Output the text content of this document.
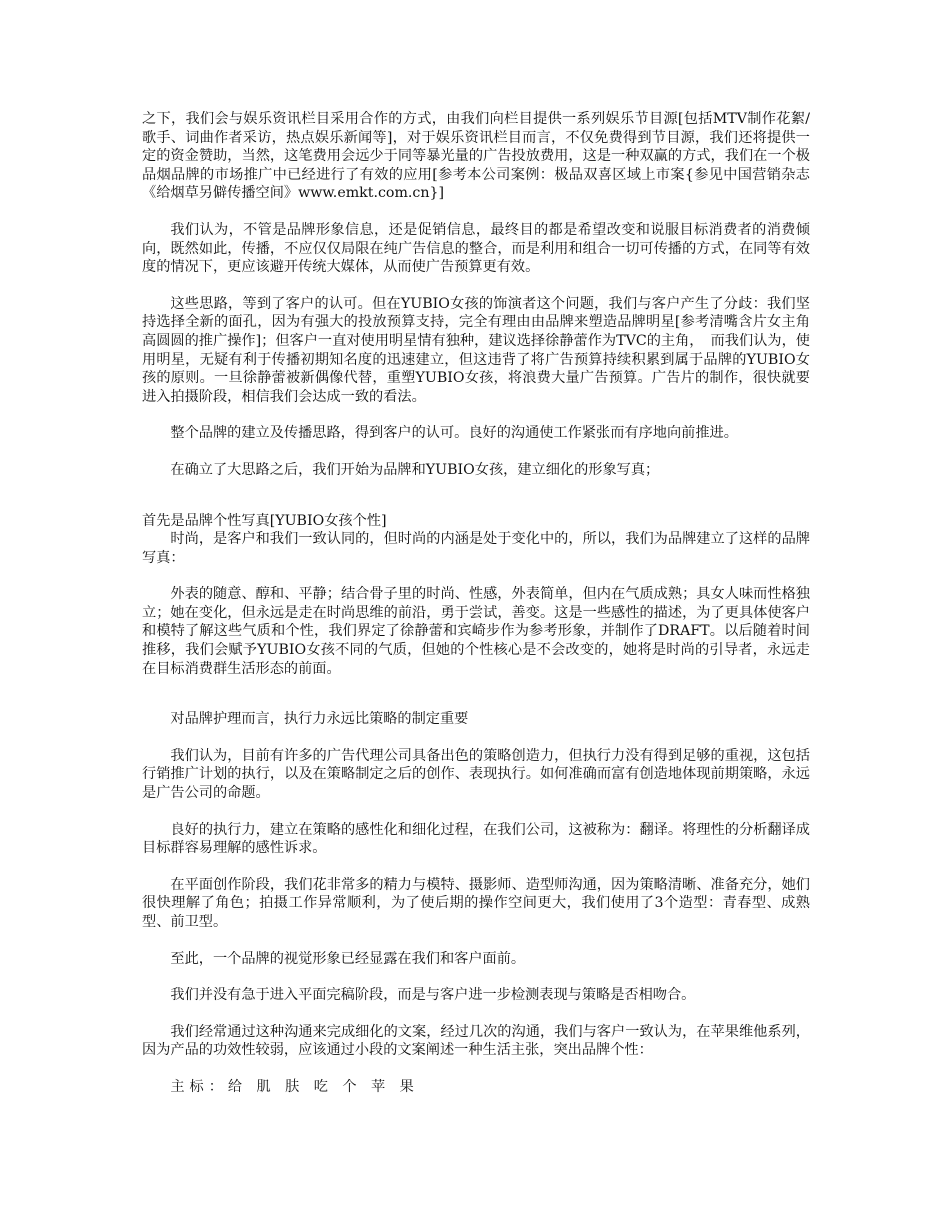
之下，我们会与娱乐资讯栏目采用合作的方式，由我们向栏目提供一系列娱乐节目源[包括MTV制作花絮/歌手、词曲作者采访，热点娱乐新闻等]，对于娱乐资讯栏目而言，不仅免费得到节目源，我们还将提供一定的资金赞助，当然，这笔费用会远少于同等暴光量的广告投放费用，这是一种双赢的方式，我们在一个极品烟品牌的市场推广中已经进行了有效的应用[参考本公司案例：极品双喜区域上市案{参见中国营销杂志《给烟草另僻传播空间》www.emkt.com.cn}]

我们认为，不管是品牌形象信息，还是促销信息，最终目的都是希望改变和说服目标消费者的消费倾向，既然如此，传播，不应仅仅局限在纯广告信息的整合，而是利用和组合一切可传播的方式，在同等有效度的情况下，更应该避开传统大媒体，从而使广告预算更有效。

这些思路，等到了客户的认可。但在YUBIO女孩的饰演者这个问题，我们与客户产生了分歧：我们坚持选择全新的面孔，因为有强大的投放预算支持，完全有理由由品牌来塑造品牌明星[参考清嘴含片女主角高圆圆的推广操作]；但客户一直对使用明星情有独种，建议选择徐静蕾作为TVC的主角，　而我们认为，使用明星，无疑有利于传播初期知名度的迅速建立，但这违背了将广告预算持续积累到属于品牌的YUBIO女孩的原则。一旦徐静蕾被新偶像代替，重塑YUBIO女孩，将浪费大量广告预算。广告片的制作，很快就要进入拍摄阶段，相信我们会达成一致的看法。

整个品牌的建立及传播思路，得到客户的认可。良好的沟通使工作紧张而有序地向前推进。

在确立了大思路之后，我们开始为品牌和YUBIO女孩，建立细化的形象写真；

首先是品牌个性写真[YUBIO女孩个性]

时尚，是客户和我们一致认同的，但时尚的内涵是处于变化中的，所以，我们为品牌建立了这样的品牌写真：

外表的随意、醇和、平静；结合骨子里的时尚、性感，外表简单，但内在气质成熟；具女人味而性格独立；她在变化，但永远是走在时尚思维的前沿，勇于尝试，善变。这是一些感性的描述，为了更具体使客户和模特了解这些气质和个性，我们界定了徐静蕾和宾崎步作为参考形象，并制作了DRAFT。以后随着时间推移，我们会赋予YUBIO女孩不同的气质，但她的个性核心是不会改变的，她将是时尚的引导者，永远走在目标消费群生活形态的前面。

对品牌护理而言，执行力永远比策略的制定重要

我们认为，目前有许多的广告代理公司具备出色的策略创造力，但执行力没有得到足够的重视，这包括行销推广计划的执行，以及在策略制定之后的创作、表现执行。如何准确而富有创造地体现前期策略，永远是广告公司的命题。

良好的执行力，建立在策略的感性化和细化过程，在我们公司，这被称为：翻译。将理性的分析翻译成目标群容易理解的感性诉求。

在平面创作阶段，我们花非常多的精力与模特、摄影师、造型师沟通，因为策略清晰、准备充分，她们很快理解了角色；拍摄工作异常顺利，为了使后期的操作空间更大，我们使用了3个造型：青春型、成熟型、前卫型。

至此，一个品牌的视觉形象已经显露在我们和客户面前。

我们并没有急于进入平面完稿阶段，而是与客户进一步检测表现与策略是否相吻合。

我们经常通过这种沟通来完成细化的文案，经过几次的沟通，我们与客户一致认为，在苹果维他系列，因为产品的功效性较弱，应该通过小段的文案阐述一种生活主张，突出品牌个性：

主标：给 肌 肤 吃 个 苹 果
